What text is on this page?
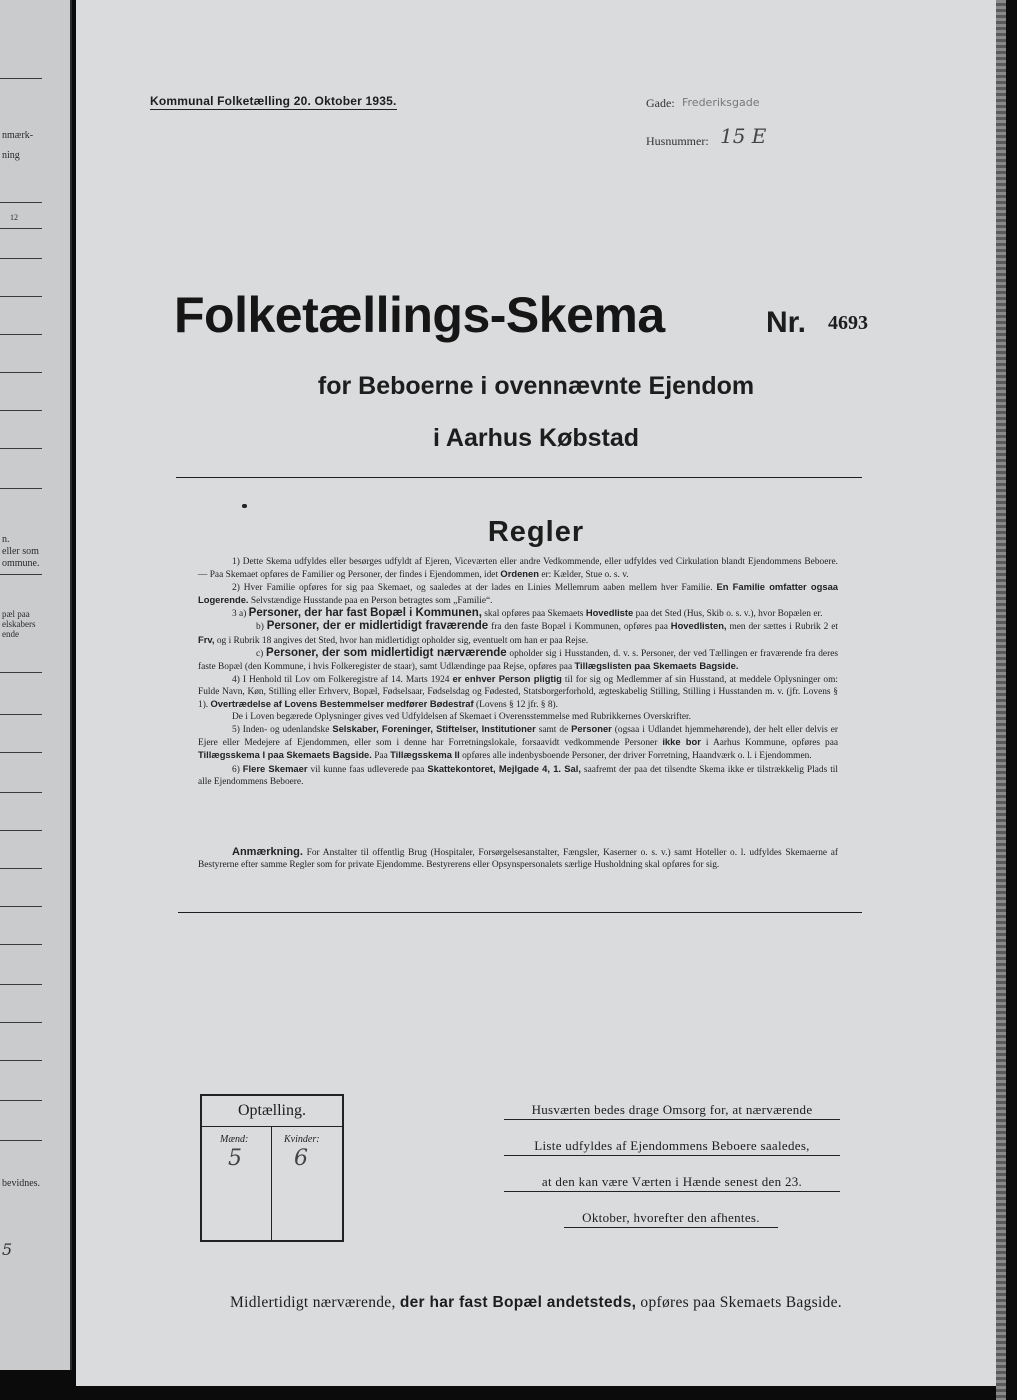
nmærk-
ning
12
n.
eller som
ommune.
pæl paa
elskabers
ende
bevidnes.
5
Kommunal Folketælling 20. Oktober 1935.	Gade: Frederiksgade
Husnummer: 15 E
Folketællings-Skema	Nr. 4693
for Beboerne i ovennævnte Ejendom
i Aarhus Købstad
Regler

1) Dette Skema udfyldes eller besørges udfyldt af Ejeren, Viceværten eller andre Vedkommende, eller udfyldes ved Cirkulation blandt Ejendommens Beboere. — Paa Skemaet opføres de Familier og Personer, der findes i Ejendommen, idet Ordenen er: Kælder, Stue o. s. v.

2) Hver Familie opføres for sig paa Skemaet, og saaledes at der lades en Linies Mellemrum aaben mellem hver Familie. En Familie omfatter ogsaa Logerende. Selvstændige Husstande paa en Person betragtes som „Familie“.

3 a) Personer, der har fast Bopæl i Kommunen, skal opføres paa Skemaets Hovedliste paa det Sted (Hus, Skib o. s. v.), hvor Bopælen er.

b) Personer, der er midlertidigt fraværende fra den faste Bopæl i Kommunen, opføres paa Hovedlisten, men der sættes i Rubrik 2 et Frv, og i Rubrik 18 angives det Sted, hvor han midlertidigt opholder sig, eventuelt om han er paa Rejse.

c) Personer, der som midlertidigt nærværende opholder sig i Husstanden, d. v. s. Personer, der ved Tællingen er fraværende fra deres faste Bopæl (den Kommune, i hvis Folkeregister de staar), samt Udlændinge paa Rejse, opføres paa Tillægslisten paa Skemaets Bagside.

4) I Henhold til Lov om Folkeregistre af 14. Marts 1924 er enhver Person pligtig til for sig og Medlemmer af sin Husstand, at meddele Oplysninger om: Fulde Navn, Køn, Stilling eller Erhverv, Bopæl, Fødselsaar, Fødselsdag og Fødested, Statsborgerforhold, ægteskabelig Stilling, Stilling i Husstanden m. v. (jfr. Lovens § 1). Overtrædelse af Lovens Bestemmelser medfører Bødestraf (Lovens § 12 jfr. § 8).

De i Loven begærede Oplysninger gives ved Udfyldelsen af Skemaet i Overensstemmelse med Rubrikkernes Overskrifter.

5) Inden- og udenlandske Selskaber, Foreninger, Stiftelser, Institutioner samt de Personer (ogsaa i Udlandet hjemmehørende), der helt eller delvis er Ejere eller Medejere af Ejendommen, eller som i denne har Forretningslokale, forsaavidt vedkommende Personer ikke bor i Aarhus Kommune, opføres paa Tillægsskema I paa Skemaets Bagside. Paa Tillægsskema II opføres alle indenbysboende Personer, der driver Forretning, Haandværk o. l. i Ejendommen.

6) Flere Skemaer vil kunne faas udleverede paa Skattekontoret, Mejlgade 4, 1. Sal, saafremt der paa det tilsendte Skema ikke er tilstrækkelig Plads til alle Ejendommens Beboere.

Anmærkning. For Anstalter til offentlig Brug (Hospitaler, Forsørgelsesanstalter, Fængsler, Kaserner o. s. v.) samt Hoteller o. l. udfyldes Skemaerne af Bestyrerne efter samme Regler som for private Ejendomme. Bestyrerens eller Opsynspersonalets særlige Husholdning skal opføres for sig.
Optælling.
Mænd:
5
Kvinder:
6
Husværten bedes drage Omsorg for, at nærværende
Liste udfyldes af Ejendommens Beboere saaledes,
at den kan være Værten i Hænde senest den 23.
Oktober, hvorefter den afhentes.
Midlertidigt nærværende, der har fast Bopæl andetsteds, opføres paa Skemaets Bagside.
